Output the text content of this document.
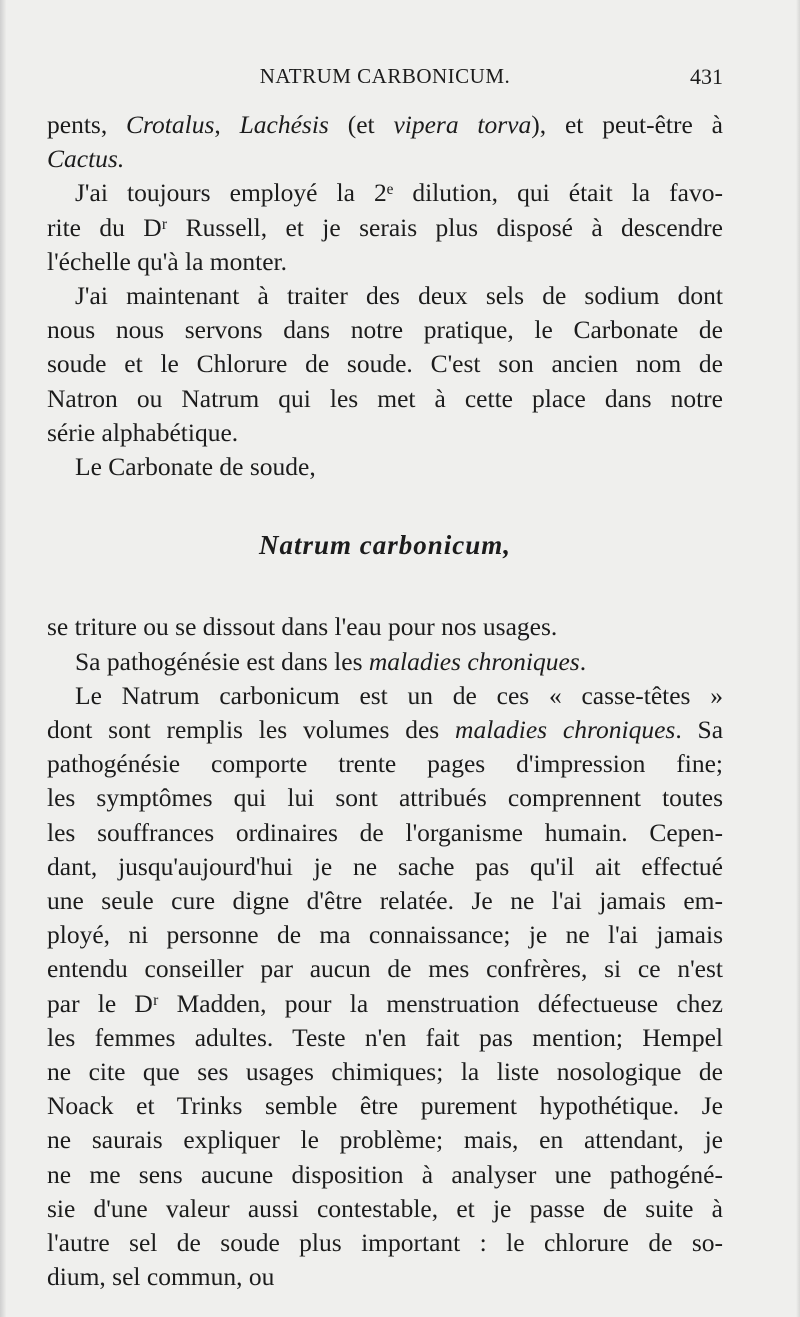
NATRUM CARBONICUM.	431

pents, Crotalus, Lachésis (et vipera torva), et peut-être à
Cactus.

J'ai toujours employé la 2ᵉ dilution, qui était la favo-
rite du Dʳ Russell, et je serais plus disposé à descendre
l'échelle qu'à la monter.

J'ai maintenant à traiter des deux sels de sodium dont
nous nous servons dans notre pratique, le Carbonate de
soude et le Chlorure de soude. C'est son ancien nom de
Natron ou Natrum qui les met à cette place dans notre
série alphabétique.

Le Carbonate de soude,

Natrum carbonicum,

se triture ou se dissout dans l'eau pour nos usages.

Sa pathogénésie est dans les maladies chroniques.

Le Natrum carbonicum est un de ces « casse-têtes »
dont sont remplis les volumes des maladies chroniques. Sa
pathogénésie comporte trente pages d'impression fine;
les symptômes qui lui sont attribués comprennent toutes
les souffrances ordinaires de l'organisme humain. Cepen-
dant, jusqu'aujourd'hui je ne sache pas qu'il ait effectué
une seule cure digne d'être relatée. Je ne l'ai jamais em-
ployé, ni personne de ma connaissance; je ne l'ai jamais
entendu conseiller par aucun de mes confrères, si ce n'est
par le Dʳ Madden, pour la menstruation défectueuse chez
les femmes adultes. Teste n'en fait pas mention; Hempel
ne cite que ses usages chimiques; la liste nosologique de
Noack et Trinks semble être purement hypothétique. Je
ne saurais expliquer le problème; mais, en attendant, je
ne me sens aucune disposition à analyser une pathogéné-
sie d'une valeur aussi contestable, et je passe de suite à
l'autre sel de soude plus important : le chlorure de so-
dium, sel commun, ou
